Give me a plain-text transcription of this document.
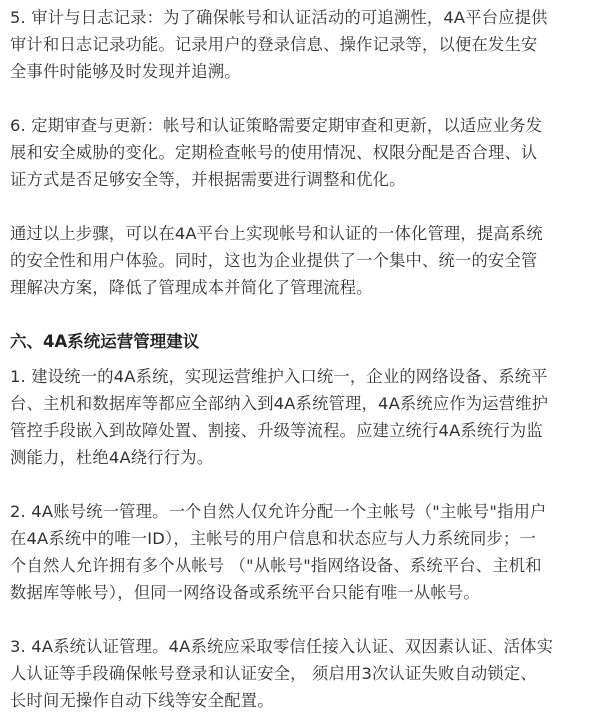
5. 审计与日志记录：为了确保帐号和认证活动的可追溯性，4A平台应提供
审计和日志记录功能。记录用户的登录信息、操作记录等，以便在发生安
全事件时能够及时发现并追溯。

6. 定期审查与更新：帐号和认证策略需要定期审查和更新，以适应业务发
展和安全威胁的变化。定期检查帐号的使用情况、权限分配是否合理、认
证方式是否足够安全等，并根据需要进行调整和优化。

通过以上步骤，可以在4A平台上实现帐号和认证的一体化管理，提高系统
的安全性和用户体验。同时，这也为企业提供了一个集中、统一的安全管
理解决方案，降低了管理成本并简化了管理流程。

六、4A系统运营管理建议

1. 建设统一的4A系统，实现运营维护入口统一，企业的网络设备、系统平
台、主机和数据库等都应全部纳入到4A系统管理，4A系统应作为运营维护
管控手段嵌入到故障处置、割接、升级等流程。应建立统行4A系统行为监
测能力，杜绝4A绕行行为。

2. 4A账号统一管理。一个自然人仅允许分配一个主帐号（"主帐号"指用户
在4A系统中的唯一ID），主帐号的用户信息和状态应与人力系统同步；一
个自然人允许拥有多个从帐号 （"从帐号"指网络设备、系统平台、主机和
数据库等帐号），但同一网络设备或系统平台只能有唯一从帐号。

3. 4A系统认证管理。4A系统应采取零信任接入认证、双因素认证、活体实
人认证等手段确保帐号登录和认证安全， 须启用3次认证失败自动锁定、
长时间无操作自动下线等安全配置。
